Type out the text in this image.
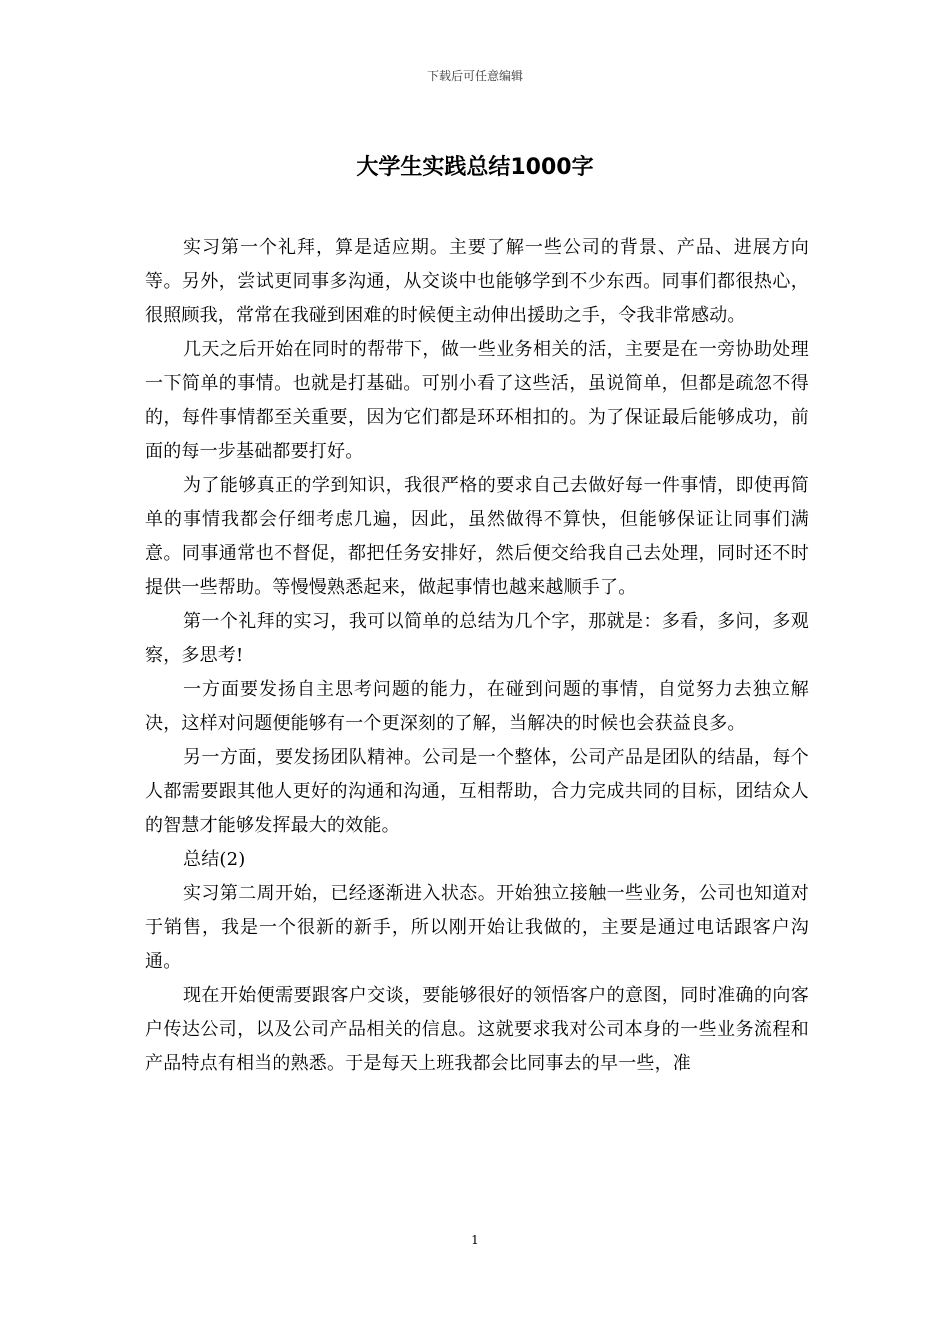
下载后可任意编辑
大学生实践总结1000字

实习第一个礼拜，算是适应期。主要了解一些公司的背景、产品、进展方向等。另外，尝试更同事多沟通，从交谈中也能够学到不少东西。同事们都很热心，很照顾我，常常在我碰到困难的时候便主动伸出援助之手，令我非常感动。

几天之后开始在同时的帮带下，做一些业务相关的活，主要是在一旁协助处理一下简单的事情。也就是打基础。可别小看了这些活，虽说简单，但都是疏忽不得的，每件事情都至关重要，因为它们都是环环相扣的。为了保证最后能够成功，前面的每一步基础都要打好。

为了能够真正的学到知识，我很严格的要求自己去做好每一件事情，即使再简单的事情我都会仔细考虑几遍，因此，虽然做得不算快，但能够保证让同事们满意。同事通常也不督促，都把任务安排好，然后便交给我自己去处理，同时还不时提供一些帮助。等慢慢熟悉起来，做起事情也越来越顺手了。

第一个礼拜的实习，我可以简单的总结为几个字，那就是：多看，多问，多观察，多思考!

一方面要发扬自主思考问题的能力，在碰到问题的事情，自觉努力去独立解决，这样对问题便能够有一个更深刻的了解，当解决的时候也会获益良多。

另一方面，要发扬团队精神。公司是一个整体，公司产品是团队的结晶，每个人都需要跟其他人更好的沟通和沟通，互相帮助，合力完成共同的目标，团结众人的智慧才能够发挥最大的效能。

总结(2)

实习第二周开始，已经逐渐进入状态。开始独立接触一些业务，公司也知道对于销售，我是一个很新的新手，所以刚开始让我做的，主要是通过电话跟客户沟通。

现在开始便需要跟客户交谈，要能够很好的领悟客户的意图，同时准确的向客户传达公司，以及公司产品相关的信息。这就要求我对公司本身的一些业务流程和产品特点有相当的熟悉。于是每天上班我都会比同事去的早一些，准

1
